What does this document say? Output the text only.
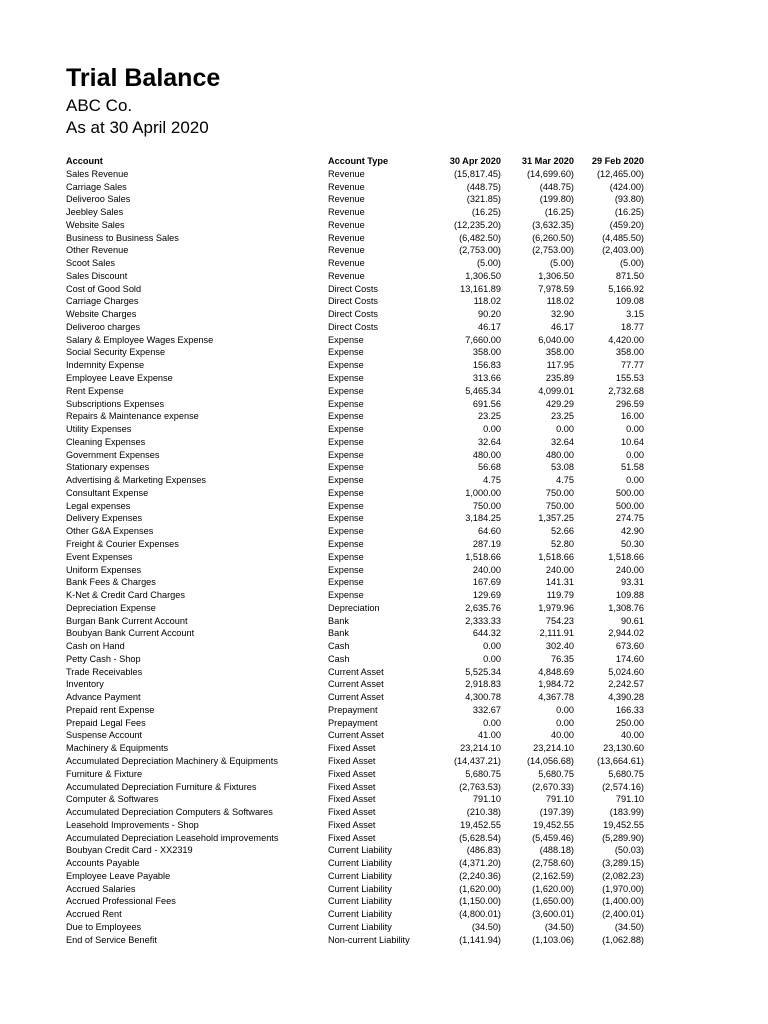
Trial Balance
ABC Co.
As at 30 April 2020
Account	Account Type	30 Apr 2020 31 Mar 2020 29 Feb 2020
Sales Revenue	Revenue	(15,817.45)	(14,699.60)	(12,465.00)
Carriage Sales	Revenue	(448.75)	(448.75)	(424.00)
Deliveroo Sales	Revenue	(321.85)	(199.80)	(93.80)
Jeebley Sales	Revenue	(16.25)	(16.25)	(16.25)
Website Sales	Revenue	(12,235.20)	(3,632.35)	(459.20)
Business to Business Sales	Revenue	(6,482.50)	(6,260.50)	(4,485.50)
Other Revenue	Revenue	(2,753.00)	(2,753.00)	(2,403.00)
Scoot Sales	Revenue	(5.00)	(5.00)	(5.00)
Sales Discount	Revenue	1,306.50	1,306.50	871.50
Cost of Good Sold	Direct Costs	13,161.89	7,978.59	5,166.92
Carriage Charges	Direct Costs	118.02	118.02	109.08
Website Charges	Direct Costs	90.20	32.90	3.15
Deliveroo charges	Direct Costs	46.17	46.17	18.77
Salary & Employee Wages Expense	Expense	7,660.00	6,040.00	4,420.00
Social Security Expense	Expense	358.00	358.00	358.00
Indemnity Expense	Expense	156.83	117.95	77.77
Employee Leave Expense	Expense	313.66	235.89	155.53
Rent Expense	Expense	5,465.34	4,099.01	2,732.68
Subscriptions Expenses	Expense	691.56	429.29	296.59
Repairs & Maintenance expense	Expense	23.25	23.25	16.00
Utility Expenses	Expense	0.00	0.00	0.00
Cleaning Expenses	Expense	32.64	32.64	10.64
Government Expenses	Expense	480.00	480.00	0.00
Stationary expenses	Expense	56.68	53.08	51.58
Advertising & Marketing Expenses	Expense	4.75	4.75	0.00
Consultant Expense	Expense	1,000.00	750.00	500.00
Legal expenses	Expense	750.00	750.00	500.00
Delivery Expenses	Expense	3,184.25	1,357.25	274.75
Other G&A Expenses	Expense	64.60	52.66	42.90
Freight & Courier Expenses	Expense	287.19	52.80	50.30
Event Expenses	Expense	1,518.66	1,518.66	1,518.66
Uniform Expenses	Expense	240.00	240.00	240.00
Bank Fees & Charges	Expense	167.69	141.31	93.31
K-Net & Credit Card Charges	Expense	129.69	119.79	109.88
Depreciation Expense	Depreciation	2,635.76	1,979.96	1,308.76
Burgan Bank Current Account	Bank	2,333.33	754.23	90.61
Boubyan Bank Current Account	Bank	644.32	2,111.91	2,944.02
Cash on Hand	Cash	0.00	302.40	673.60
Petty Cash - Shop	Cash	0.00	76.35	174.60
Trade Receivables	Current Asset	5,525.34	4,848.69	5,024.60
Inventory	Current Asset	2,918.83	1,984.72	2,242.57
Advance Payment	Current Asset	4,300.78	4,367.78	4,390.28
Prepaid rent Expense	Prepayment	332.67	0.00	166.33
Prepaid Legal Fees	Prepayment	0.00	0.00	250.00
Suspense Account	Current Asset	41.00	40.00	40.00
Machinery & Equipments	Fixed Asset	23,214.10	23,214.10	23,130.60
Accumulated Depreciation Machinery & Equipments	Fixed Asset	(14,437.21)	(14,056.68)	(13,664.61)
Furniture & Fixture	Fixed Asset	5,680.75	5,680.75	5,680.75
Accumulated Depreciation Furniture & Fixtures	Fixed Asset	(2,763.53)	(2,670.33)	(2,574.16)
Computer & Softwares	Fixed Asset	791.10	791.10	791.10
Accumulated Depreciation Computers & Softwares	Fixed Asset	(210.38)	(197.39)	(183.99)
Leasehold Improvements - Shop	Fixed Asset	19,452.55	19,452.55	19,452.55
Accumulated Depreciation Leasehold improvements	Fixed Asset	(5,628.54)	(5,459.46)	(5,289.90)
Boubyan Credit Card - XX2319	Current Liability	(486.83)	(488.18)	(50.03)
Accounts Payable	Current Liability	(4,371.20)	(2,758.60)	(3,289.15)
Employee Leave Payable	Current Liability	(2,240.36)	(2,162.59)	(2,082.23)
Accrued Salaries	Current Liability	(1,620.00)	(1,620.00)	(1,970.00)
Accrued Professional Fees	Current Liability	(1,150.00)	(1,650.00)	(1,400.00)
Accrued Rent	Current Liability	(4,800.01)	(3,600.01)	(2,400.01)
Due to Employees	Current Liability	(34.50)	(34.50)	(34.50)
End of Service Benefit	Non-current Liability	(1,141.94)	(1,103.06)	(1,062.88)
